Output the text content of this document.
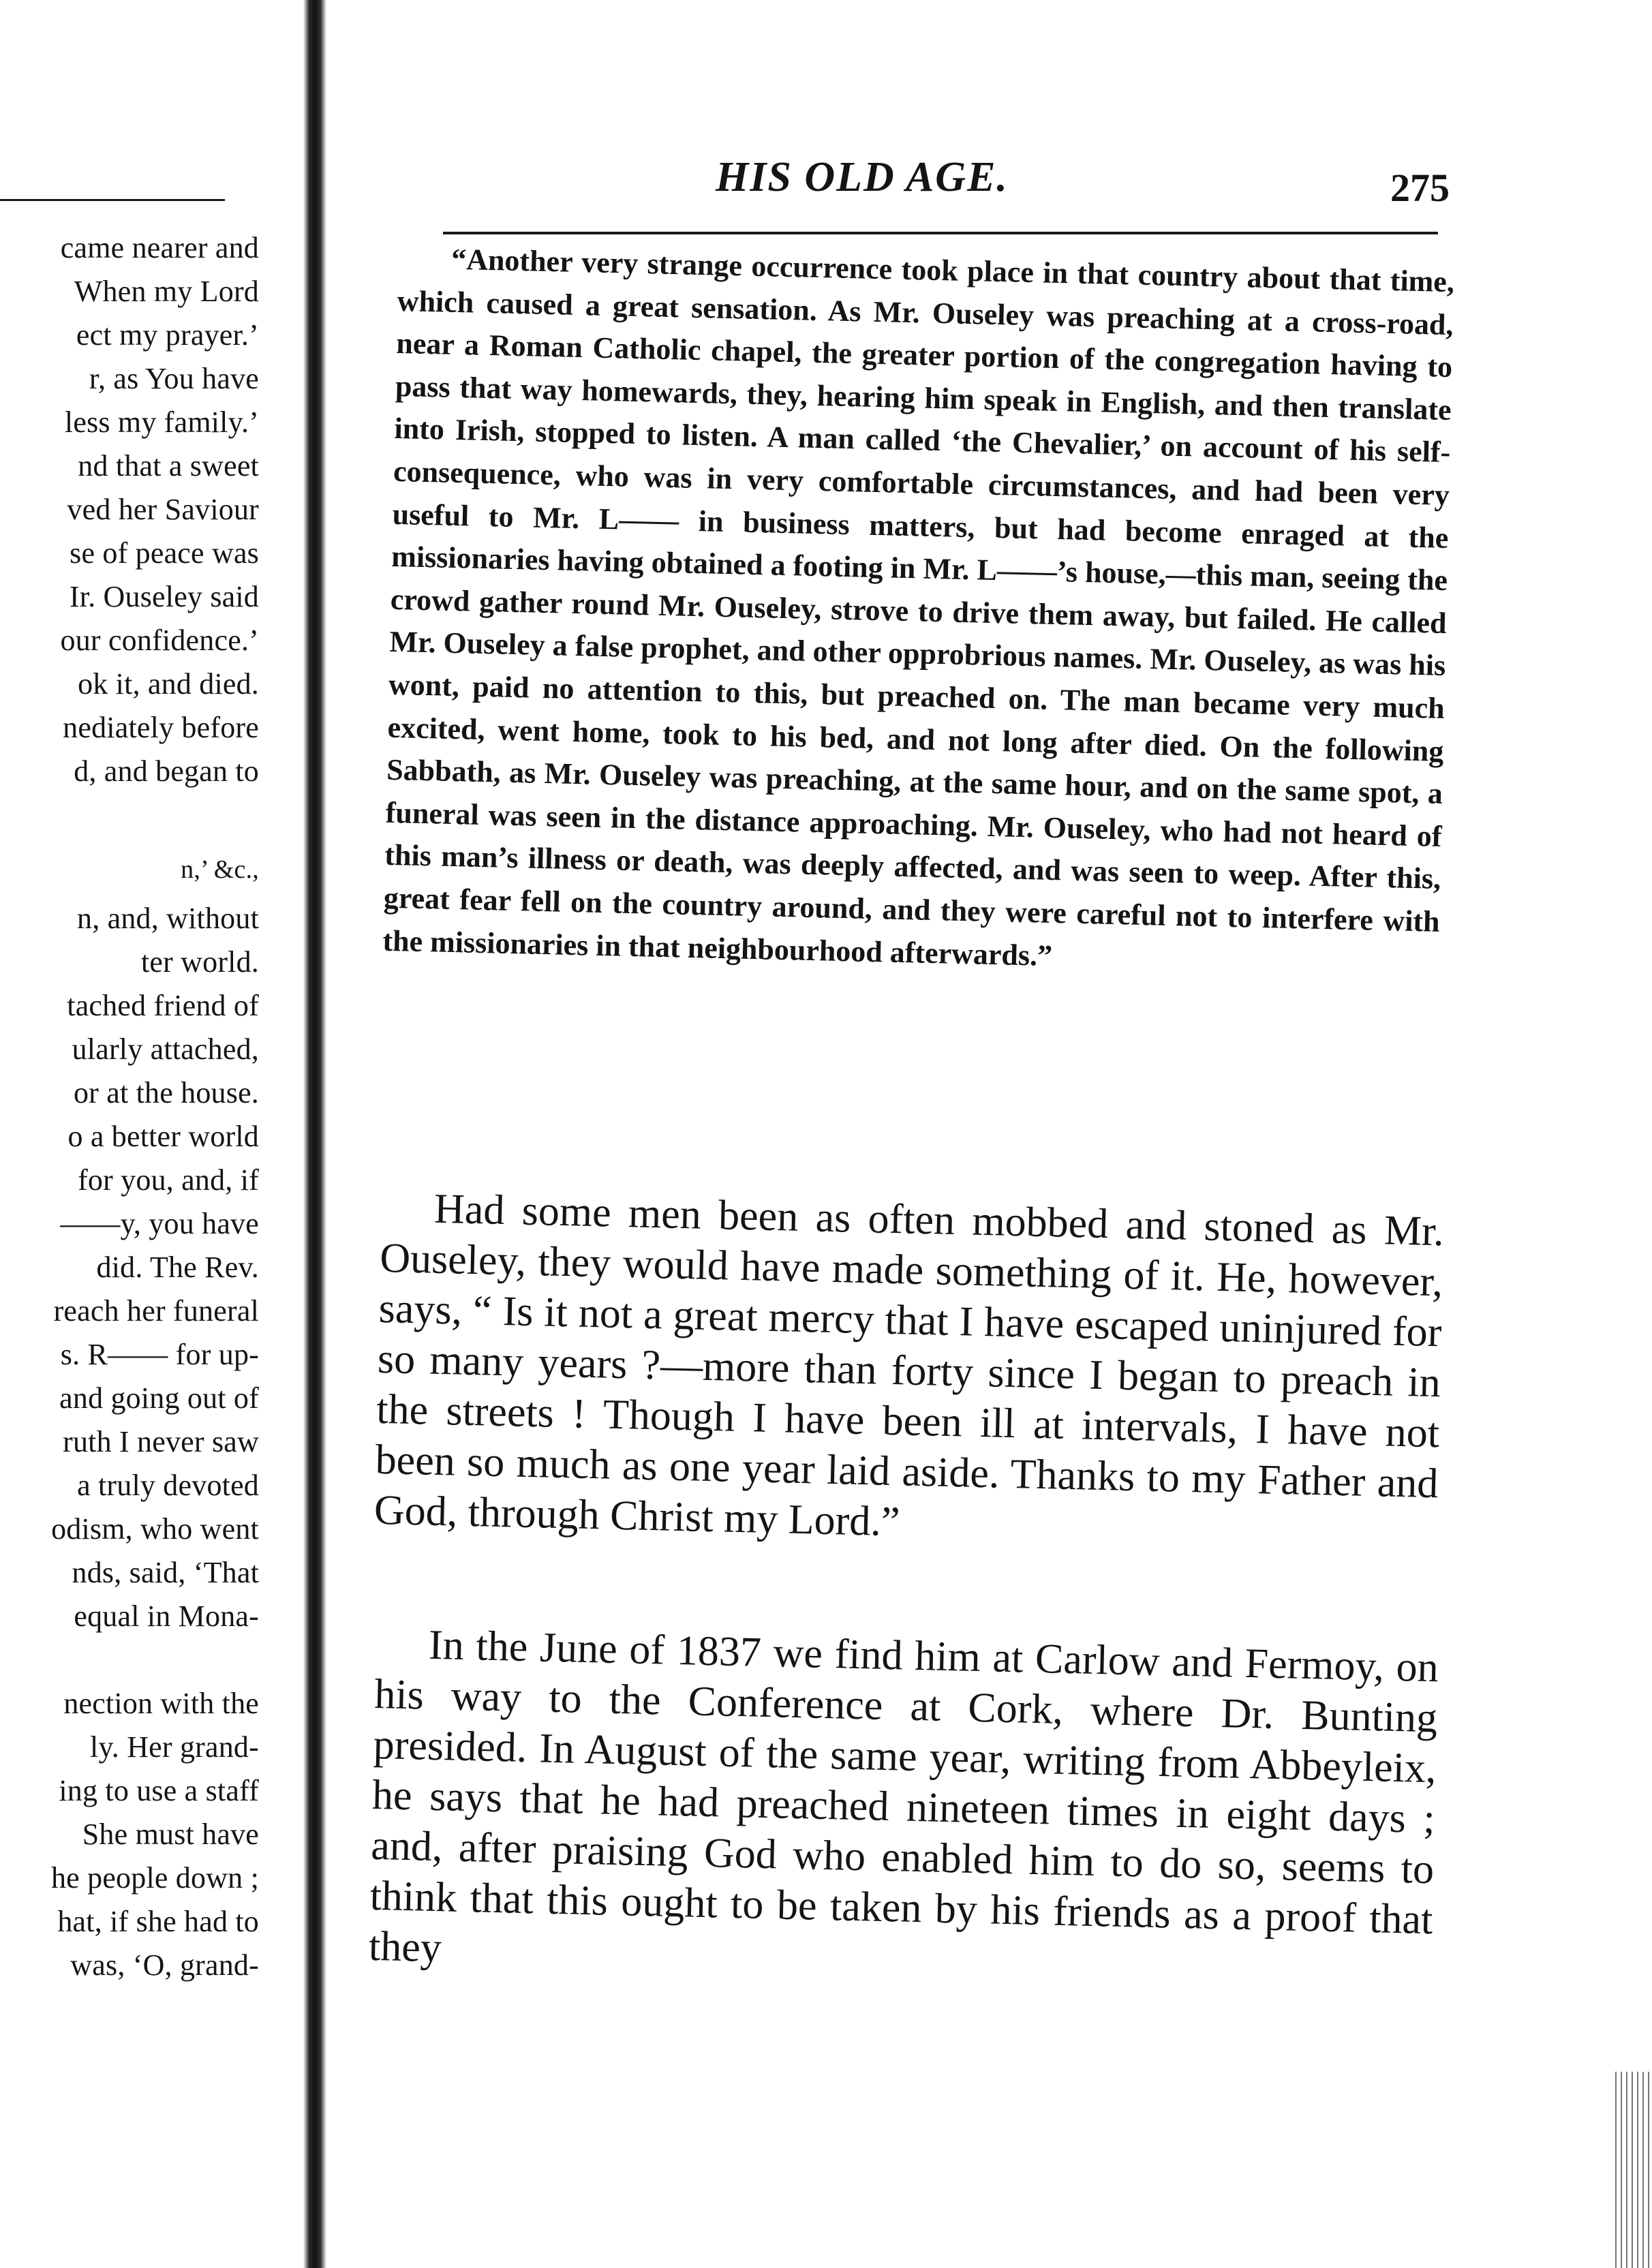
came nearer and
When my Lord
ect my prayer.’
r, as You have
less my family.’
nd that a sweet
ved her Saviour
se of peace was
Ir. Ouseley said
our confidence.’
ok it, and died.
nediately before
d, and began to
n,’ &c.,
n, and, without
ter world.
tached friend of
ularly attached,
or at the house.
o a better world
for you, and, if
——y, you have
did. The Rev.
reach her funeral
s. R—— for up-
and going out of
ruth I never saw
a truly devoted
odism, who went
nds, said, ‘That
equal in Mona-
nection with the
ly. Her grand-
ing to use a staff
She must have
he people down ;
hat, if she had to
was, ‘O, grand-
HIS OLD AGE.	275

“Another very strange occurrence took place in that country about that time, which caused a great sensation. As Mr. Ouseley was preaching at a cross-road, near a Roman Catholic chapel, the greater portion of the congregation having to pass that way homewards, they, hearing him speak in English, and then translate into Irish, stopped to listen. A man called ‘the Chevalier,’ on account of his self-consequence, who was in very comfortable circumstances, and had been very useful to Mr. L—— in business matters, but had become enraged at the missionaries having obtained a footing in Mr. L——’s house,—this man, seeing the crowd gather round Mr. Ouseley, strove to drive them away, but failed. He called Mr. Ouseley a false prophet, and other opprobrious names. Mr. Ouseley, as was his wont, paid no attention to this, but preached on. The man became very much excited, went home, took to his bed, and not long after died. On the following Sabbath, as Mr. Ouseley was preaching, at the same hour, and on the same spot, a funeral was seen in the distance approaching. Mr. Ouseley, who had not heard of this man’s illness or death, was deeply affected, and was seen to weep. After this, great fear fell on the country around, and they were careful not to interfere with the missionaries in that neighbourhood afterwards.”

Had some men been as often mobbed and stoned as Mr. Ouseley, they would have made something of it. He, however, says, “ Is it not a great mercy that I have escaped uninjured for so many years ?—more than forty since I began to preach in the streets ! Though I have been ill at intervals, I have not been so much as one year laid aside. Thanks to my Father and God, through Christ my Lord.”

In the June of 1837 we find him at Carlow and Fermoy, on his way to the Conference at Cork, where Dr. Bunting presided. In August of the same year, writing from Abbeyleix, he says that he had preached nineteen times in eight days ; and, after praising God who enabled him to do so, seems to think that this ought to be taken by his friends as a proof that they
